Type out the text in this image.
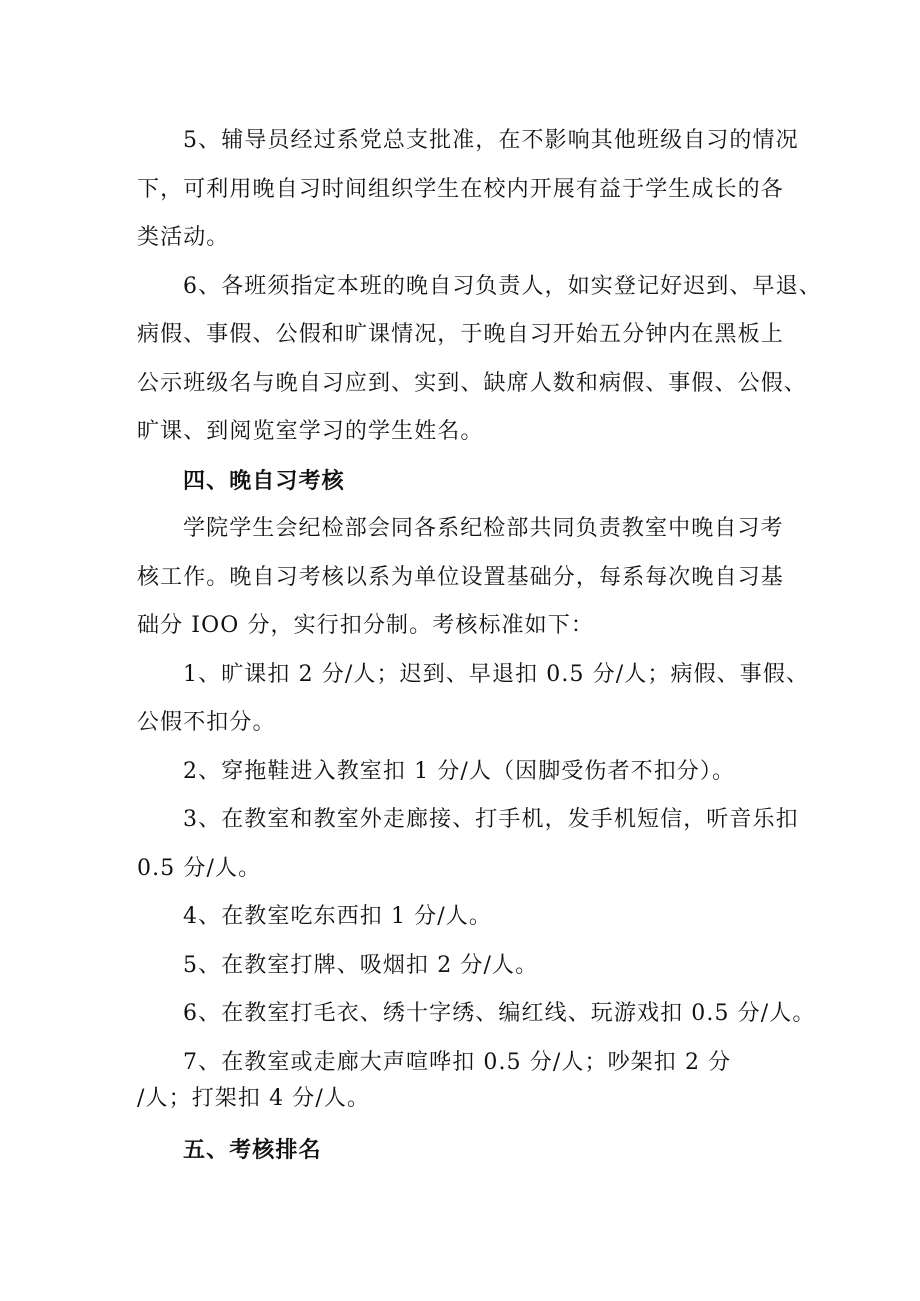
5、辅导员经过系党总支批准，在不影响其他班级自习的情况
下，可利用晚自习时间组织学生在校内开展有益于学生成长的各
类活动。
6、各班须指定本班的晚自习负责人，如实登记好迟到、早退、
病假、事假、公假和旷课情况，于晚自习开始五分钟内在黑板上
公示班级名与晚自习应到、实到、缺席人数和病假、事假、公假、
旷课、到阅览室学习的学生姓名。
四、晚自习考核
学院学生会纪检部会同各系纪检部共同负责教室中晚自习考
核工作。晚自习考核以系为单位设置基础分，每系每次晚自习基
础分 IOO 分，实行扣分制。考核标准如下：
1、旷课扣 2 分/人；迟到、早退扣 0.5 分/人；病假、事假、
公假不扣分。
2、穿拖鞋进入教室扣 1 分/人（因脚受伤者不扣分）。
3、在教室和教室外走廊接、打手机，发手机短信，听音乐扣
0.5 分/人。
4、在教室吃东西扣 1 分/人。
5、在教室打牌、吸烟扣 2 分/人。
6、在教室打毛衣、绣十字绣、编红线、玩游戏扣 0.5 分/人。
7、在教室或走廊大声喧哗扣 0.5 分/人；吵架扣 2 分
/人；打架扣 4 分/人。
五、考核排名
